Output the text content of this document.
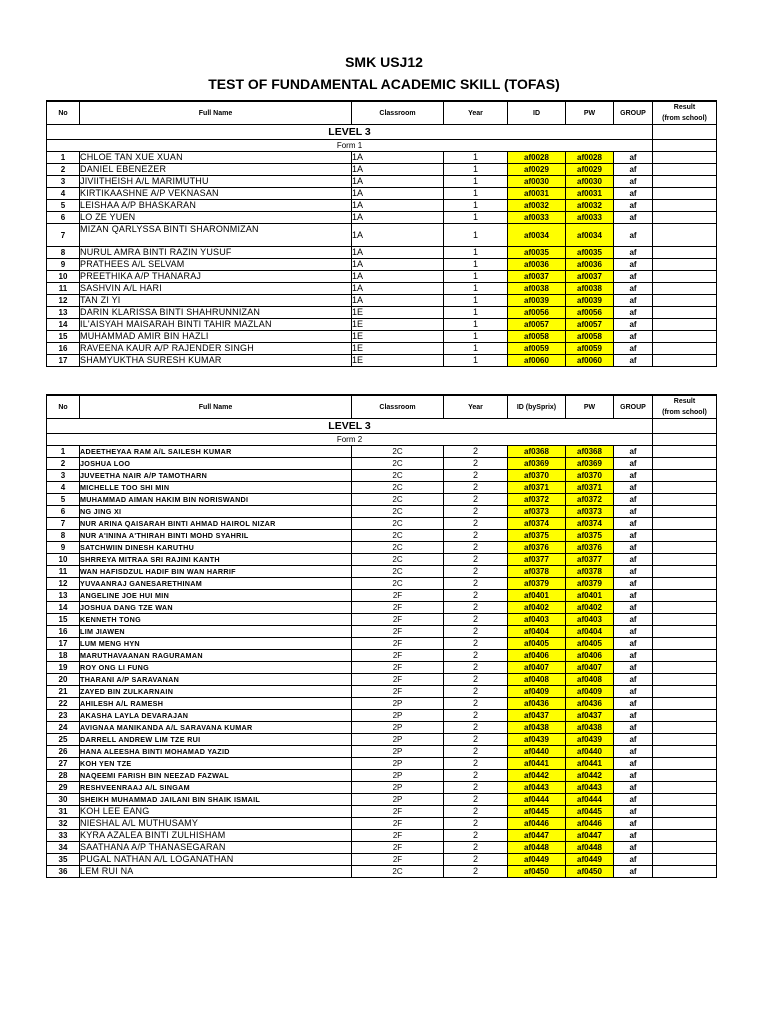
SMK USJ12
TEST OF FUNDAMENTAL ACADEMIC SKILL (TOFAS)
No	Full Name	Classroom	Year	ID	PW	GROUP	Result
(from school)
LEVEL 3							
Form 1							
1	CHLOE TAN XUE XUAN	1A	1	af0028	af0028	af	
2	DANIEL EBENEZER	1A	1	af0029	af0029	af	
3	JIVIITHEISH A/L MARIMUTHU	1A	1	af0030	af0030	af	
4	KIRTIKAASHNE A/P VEKNASAN	1A	1	af0031	af0031	af	
5	LEISHAA A/P BHASKARAN	1A	1	af0032	af0032	af	
6	LO ZE YUEN	1A	1	af0033	af0033	af	
7	MIZAN QARLYSSA BINTI SHARONMIZAN	1A	1	af0034	af0034	af	
8	NURUL AMRA BINTI RAZIN YUSUF	1A	1	af0035	af0035	af	
9	PRATHEES A/L SELVAM	1A	1	af0036	af0036	af	
10	PREETHIKA A/P THANARAJ	1A	1	af0037	af0037	af	
11	SASHVIN A/L HARI	1A	1	af0038	af0038	af	
12	TAN ZI YI	1A	1	af0039	af0039	af	
13	DARIN KLARISSA BINTI SHAHRUNNIZAN	1E	1	af0056	af0056	af	
14	IL'AISYAH MAISARAH BINTI TAHIR MAZLAN	1E	1	af0057	af0057	af	
15	MUHAMMAD AMIR BIN HAZLI	1E	1	af0058	af0058	af	
16	RAVEENA KAUR A/P RAJENDER SINGH	1E	1	af0059	af0059	af	
17	SHAMYUKTHA SURESH KUMAR	1E	1	af0060	af0060	af	
No	Full Name	Classroom	Year	ID (bySprix)	PW	GROUP	Result
(from school)
LEVEL 3							
Form 2							
1	ADEETHEYAA RAM A/L SAILESH KUMAR	2C	2	af0368	af0368	af	
2	JOSHUA LOO	2C	2	af0369	af0369	af	
3	JUVEETHA NAIR A/P TAMOTHARN	2C	2	af0370	af0370	af	
4	MICHELLE TOO SHI MIN	2C	2	af0371	af0371	af	
5	MUHAMMAD AIMAN HAKIM BIN NORISWANDI	2C	2	af0372	af0372	af	
6	NG JING XI	2C	2	af0373	af0373	af	
7	NUR ARINA QAISARAH BINTI AHMAD HAIROL NIZAR	2C	2	af0374	af0374	af	
8	NUR A'ININA A'THIRAH BINTI MOHD SYAHRIL	2C	2	af0375	af0375	af	
9	SATCHWIIN DINESH KARUTHU	2C	2	af0376	af0376	af	
10	SHRREYA MITRAA SRI RAJINI KANTH	2C	2	af0377	af0377	af	
11	WAN HAFISDZUL HADIF BIN WAN HARRIF	2C	2	af0378	af0378	af	
12	YUVAANRAJ GANESARETHINAM	2C	2	af0379	af0379	af	
13	ANGELINE JOE HUI MIN	2F	2	af0401	af0401	af	
14	JOSHUA DANG TZE WAN	2F	2	af0402	af0402	af	
15	KENNETH TONG	2F	2	af0403	af0403	af	
16	LIM JIAWEN	2F	2	af0404	af0404	af	
17	LUM MENG HYN	2F	2	af0405	af0405	af	
18	MARUTHAVAANAN RAGURAMAN	2F	2	af0406	af0406	af	
19	ROY ONG LI FUNG	2F	2	af0407	af0407	af	
20	THARANI A/P SARAVANAN	2F	2	af0408	af0408	af	
21	ZAYED BIN ZULKARNAIN	2F	2	af0409	af0409	af	
22	AHILESH A/L RAMESH	2P	2	af0436	af0436	af	
23	AKASHA LAYLA DEVARAJAN	2P	2	af0437	af0437	af	
24	AVIGNAA MANIKANDA A/L SARAVANA KUMAR	2P	2	af0438	af0438	af	
25	DARRELL ANDREW LIM TZE RUI	2P	2	af0439	af0439	af	
26	HANA ALEESHA BINTI MOHAMAD YAZID	2P	2	af0440	af0440	af	
27	KOH YEN TZE	2P	2	af0441	af0441	af	
28	NAQEEMI FARISH BIN NEEZAD FAZWAL	2P	2	af0442	af0442	af	
29	RESHVEENRAAJ A/L SINGAM	2P	2	af0443	af0443	af	
30	SHEIKH MUHAMMAD JAILANI BIN SHAIK ISMAIL	2P	2	af0444	af0444	af	
31	KOH LEE EANG	2F	2	af0445	af0445	af	
32	NIESHAL A/L MUTHUSAMY	2F	2	af0446	af0446	af	
33	KYRA AZALEA BINTI ZULHISHAM	2F	2	af0447	af0447	af	
34	SAATHANA A/P THANASEGARAN	2F	2	af0448	af0448	af	
35	PUGAL NATHAN A/L LOGANATHAN	2F	2	af0449	af0449	af	
36	LEM RUI NA	2C	2	af0450	af0450	af	
